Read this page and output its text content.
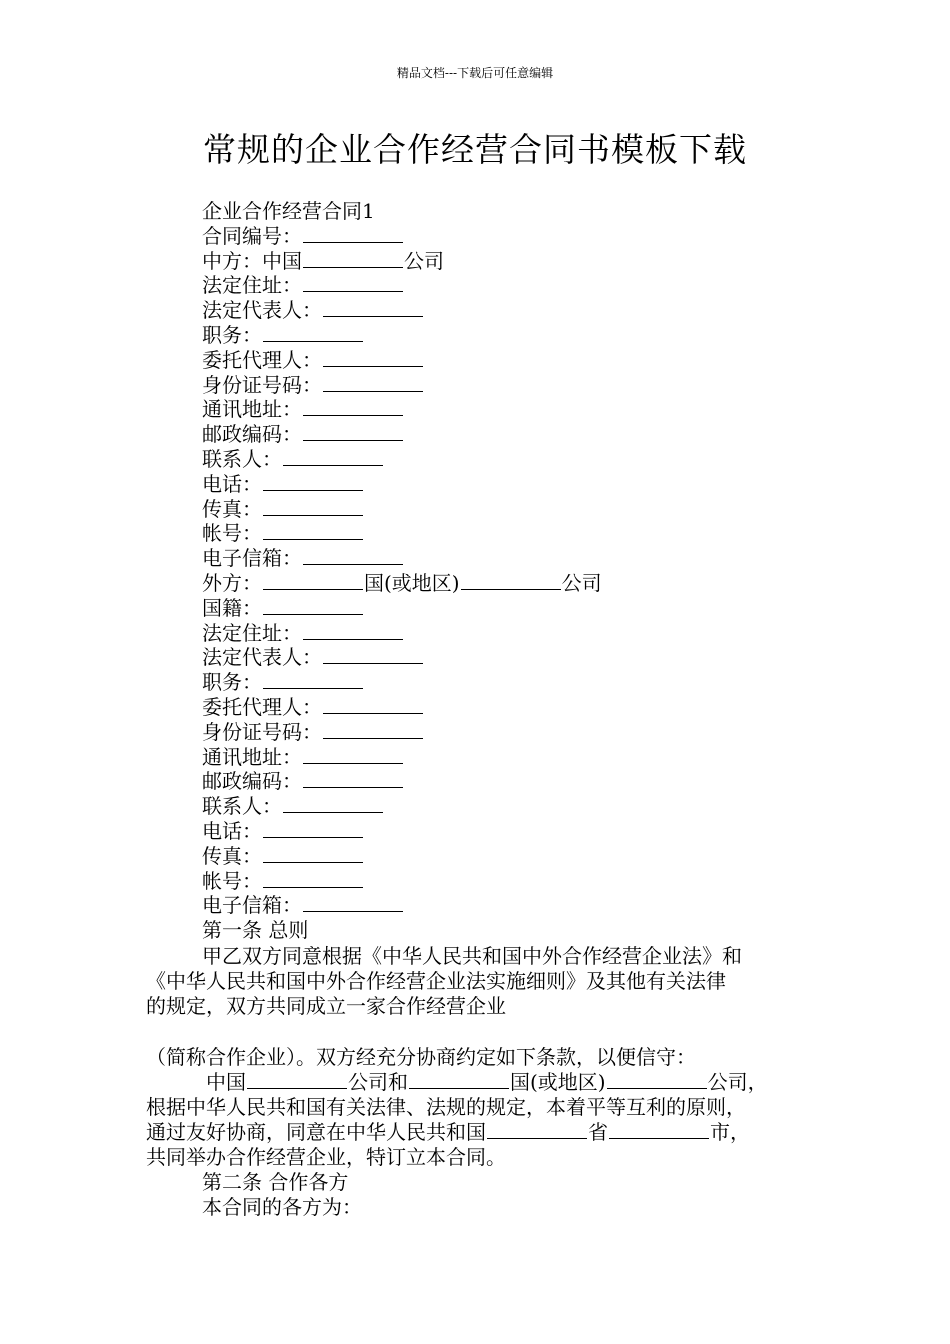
精品文档---下载后可任意编辑
常规的企业合作经营合同书模板下载
企业合作经营合同1
合同编号：
中方：中国	公司
法定住址：
法定代表人：
职务：
委托代理人：
身份证号码：
通讯地址：
邮政编码：
联系人：
电话：
传真：
帐号：
电子信箱：
外方：	国(或地区)	公司
国籍：
法定住址：
法定代表人：
职务：
委托代理人：
身份证号码：
通讯地址：
邮政编码：
联系人：
电话：
传真：
帐号：
电子信箱：
第一条 总则

甲乙双方同意根据《中华人民共和国中外合作经营企业法》和

《中华人民共和国中外合作经营企业法实施细则》及其他有关法律

的规定，双方共同成立一家合作经营企业

（简称合作企业）。双方经充分协商约定如下条款，以便信守：

中国	公司和	国(或地区)	公司，

根据中华人民共和国有关法律、法规的规定，本着平等互利的原则，

通过友好协商，同意在中华人民共和国	省	市，

共同举办合作经营企业，特订立本合同。

第二条 合作各方

本合同的各方为：
